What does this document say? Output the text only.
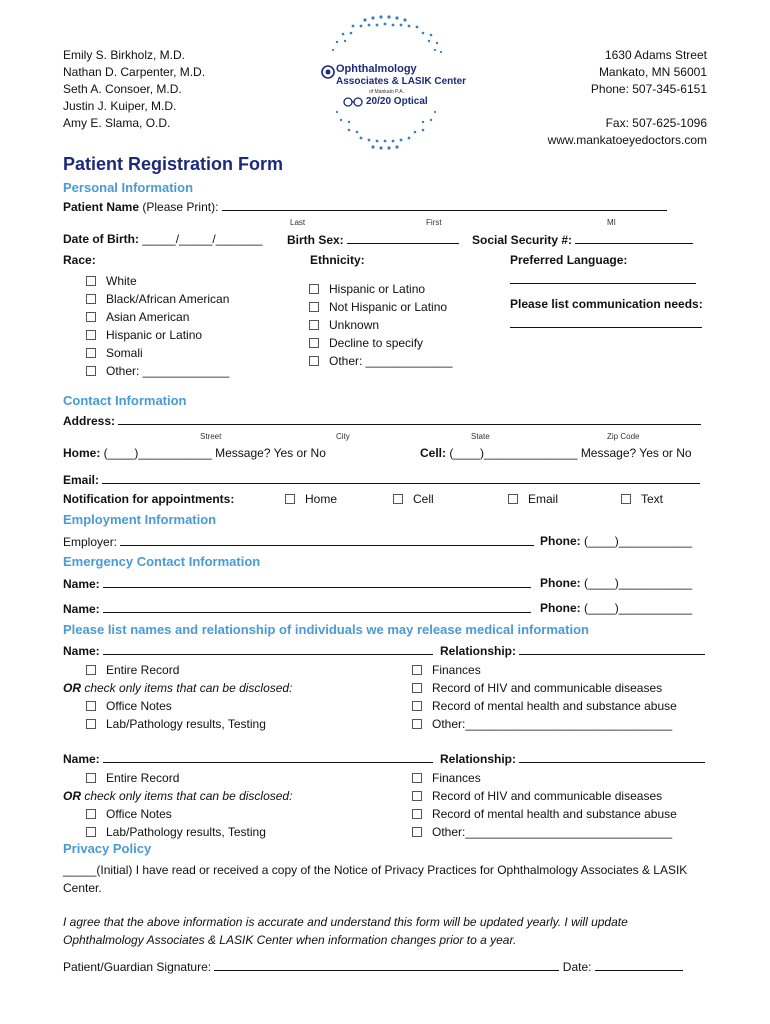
Emily S. Birkholz, M.D.
Nathan D. Carpenter, M.D.
Seth A. Consoer, M.D.
Justin J. Kuiper, M.D.
Amy E. Slama, O.D.
Ophthalmology
Associates & LASIK Center
of Mankato P.A.
20/20 Optical
1630 Adams Street
Mankato, MN 56001
Phone: 507-345-6151
Fax: 507-625-1096
www.mankatoeyedoctors.com
Patient Registration Form
Personal Information
Patient Name (Please Print):
Last	First	MI
Date of Birth: _____/_____/_______ Birth Sex:	Social Security #:
Race:	Ethnicity:	Preferred Language:
White
Black/African American
Asian American
Hispanic or Latino
Somali
Other: _____________
Hispanic or Latino
Not Hispanic or Latino
Unknown
Decline to specify
Other: _____________
Please list communication needs:
Contact Information
Address:
Street	City	State	Zip Code
Home: (____)___________ Message? Yes or No	Cell: (____)______________ Message? Yes or No
Email:
Notification for appointments:	Home	Cell	Email	Text
Employment Information
Employer:	Phone: (____)___________
Emergency Contact Information
Name:	Phone: (____)___________
Name:	Phone: (____)___________
Please list names and relationship of individuals we may release medical information
Name:	Relationship:
Entire Record
OR check only items that can be disclosed:
Office Notes
Lab/Pathology results, Testing
Finances
Record of HIV and communicable diseases
Record of mental health and substance abuse
Other:_______________________________
Name:	Relationship:
Entire Record
OR check only items that can be disclosed:
Office Notes
Lab/Pathology results, Testing
Finances
Record of HIV and communicable diseases
Record of mental health and substance abuse
Other:_______________________________
Privacy Policy
_____(Initial) I have read or received a copy of the Notice of Privacy Practices for Ophthalmology Associates & LASIK Center.
I agree that the above information is accurate and understand this form will be updated yearly. I will update Ophthalmology Associates & LASIK Center when information changes prior to a year.
Patient/Guardian Signature:	Date:
